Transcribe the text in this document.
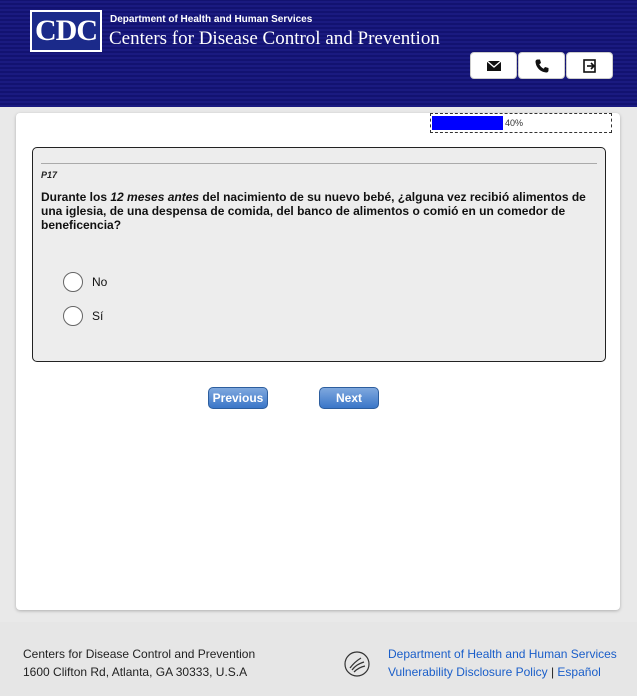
CDC	Department of Health and Human Services
Centers for Disease Control and Prevention
40%
P17
Durante los 12 meses antes del nacimiento de su nuevo bebé, ¿alguna vez recibió alimentos de una iglesia, de una despensa de comida, del banco de alimentos o comió en un comedor de beneficencia?
No
Sí
Previous	Next
Centers for Disease Control and Prevention
1600 Clifton Rd, Atlanta, GA 30333, U.S.A
Department of Health and Human Services
Vulnerability Disclosure Policy | Español
